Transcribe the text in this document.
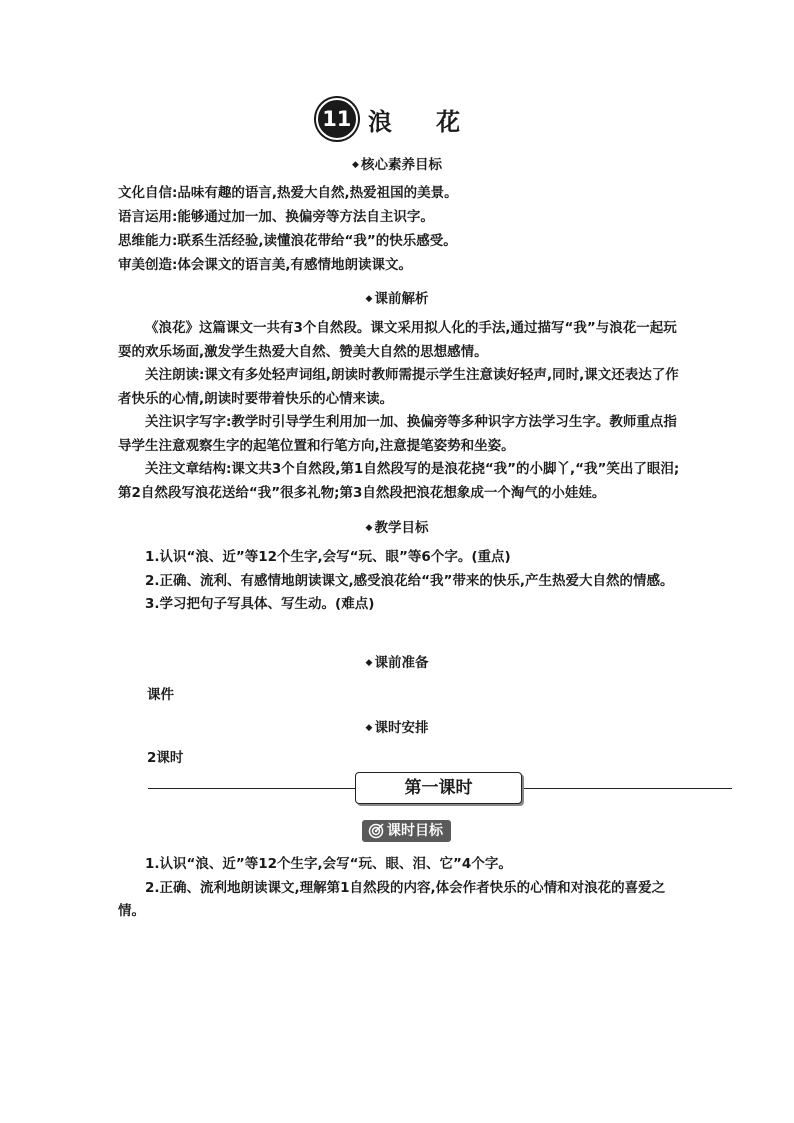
11 浪 花
◆ 核心素养目标
文化自信:品味有趣的语言,热爱大自然,热爱祖国的美景。
语言运用:能够通过加一加、换偏旁等方法自主识字。
思维能力:联系生活经验,读懂浪花带给“我”的快乐感受。
审美创造:体会课文的语言美,有感情地朗读课文。
◆ 课前解析

《浪花》这篇课文一共有3个自然段。课文采用拟人化的手法,通过描写“我”与浪花一起玩耍的欢乐场面,激发学生热爱大自然、赞美大自然的思想感情。

关注朗读:课文有多处轻声词组,朗读时教师需提示学生注意读好轻声,同时,课文还表达了作者快乐的心情,朗读时要带着快乐的心情来读。

关注识字写字:教学时引导学生利用加一加、换偏旁等多种识字方法学习生字。教师重点指导学生注意观察生字的起笔位置和行笔方向,注意提笔姿势和坐姿。

关注文章结构:课文共3个自然段,第1自然段写的是浪花挠“我”的小脚丫,“我”笑出了眼泪;第2自然段写浪花送给“我”很多礼物;第3自然段把浪花想象成一个淘气的小娃娃。

◆ 教学目标

1.认识“浪、近”等12个生字,会写“玩、眼”等6个字。(重点)

2.正确、流利、有感情地朗读课文,感受浪花给“我”带来的快乐,产生热爱大自然的情感。

3.学习把句子写具体、写生动。(难点)

◆ 课前准备
课件
◆ 课时安排
2课时
第一课时
课时目标

1.认识“浪、近”等12个生字,会写“玩、眼、泪、它”4个字。

2.正确、流利地朗读课文,理解第1自然段的内容,体会作者快乐的心情和对浪花的喜爱之情。
